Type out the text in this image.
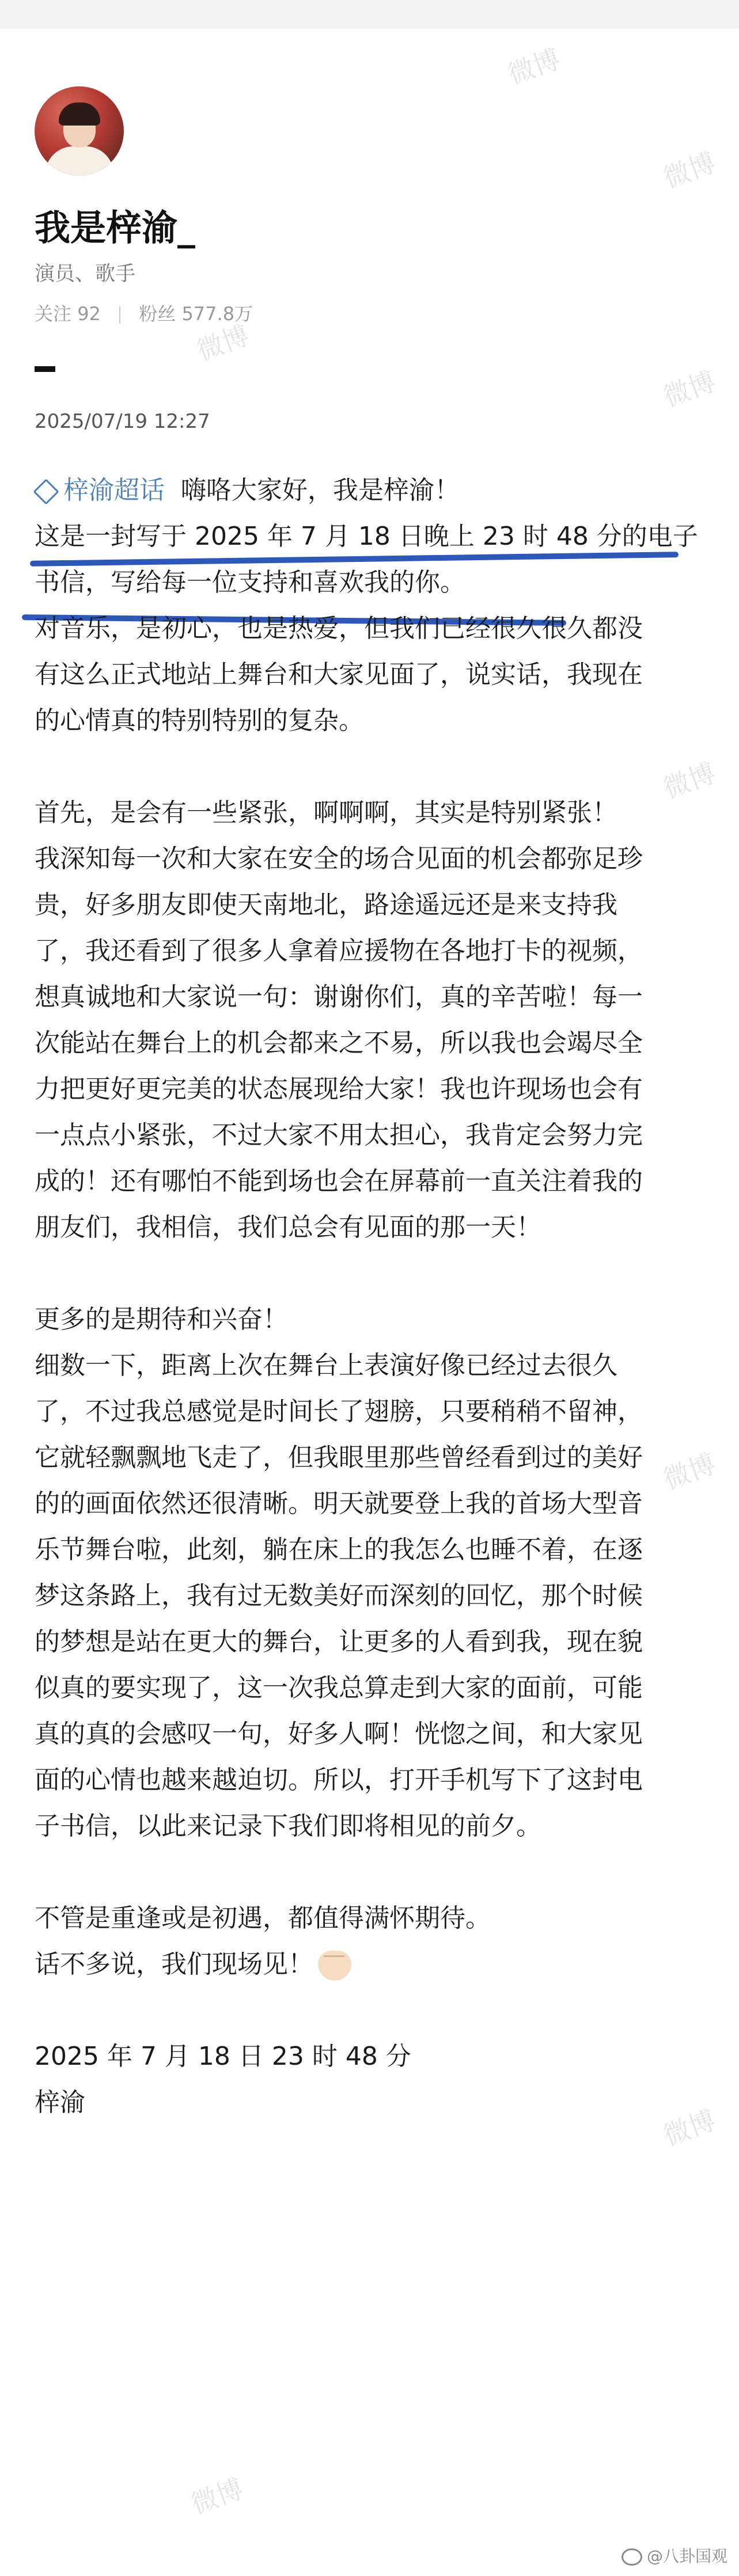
微博
微博
微博
微博
微博
微博
微博
微博
我是梓渝_
演员、歌手
关注 92 粉丝 577.8万
2025/07/19 12:27

梓渝超话 嗨咯大家好，我是梓渝！

这是一封写于 2025 年 7 月 18 日晚上 23 时 48 分的电子

书信，写给每一位支持和喜欢我的你。

对音乐，是初心，也是热爱，但我们已经很久很久都没

有这么正式地站上舞台和大家见面了，说实话，我现在

的心情真的特别特别的复杂。

首先，是会有一些紧张，啊啊啊，其实是特别紧张！

我深知每一次和大家在安全的场合见面的机会都弥足珍

贵，好多朋友即使天南地北，路途遥远还是来支持我

了，我还看到了很多人拿着应援物在各地打卡的视频，

想真诚地和大家说一句：谢谢你们，真的辛苦啦！每一

次能站在舞台上的机会都来之不易，所以我也会竭尽全

力把更好更完美的状态展现给大家！我也许现场也会有

一点点小紧张，不过大家不用太担心，我肯定会努力完

成的！还有哪怕不能到场也会在屏幕前一直关注着我的

朋友们，我相信，我们总会有见面的那一天！

更多的是期待和兴奋！

细数一下，距离上次在舞台上表演好像已经过去很久

了，不过我总感觉是时间长了翅膀，只要稍稍不留神，

它就轻飘飘地飞走了，但我眼里那些曾经看到过的美好

的的画面依然还很清晰。明天就要登上我的首场大型音

乐节舞台啦，此刻，躺在床上的我怎么也睡不着，在逐

梦这条路上，我有过无数美好而深刻的回忆，那个时候

的梦想是站在更大的舞台，让更多的人看到我，现在貌

似真的要实现了，这一次我总算走到大家的面前，可能

真的真的会感叹一句，好多人啊！恍惚之间，和大家见

面的心情也越来越迫切。所以，打开手机写下了这封电

子书信，以此来记录下我们即将相见的前夕。

不管是重逢或是初遇，都值得满怀期待。

话不多说，我们现场见！

2025 年 7 月 18 日 23 时 48 分

梓渝

@八卦国观
